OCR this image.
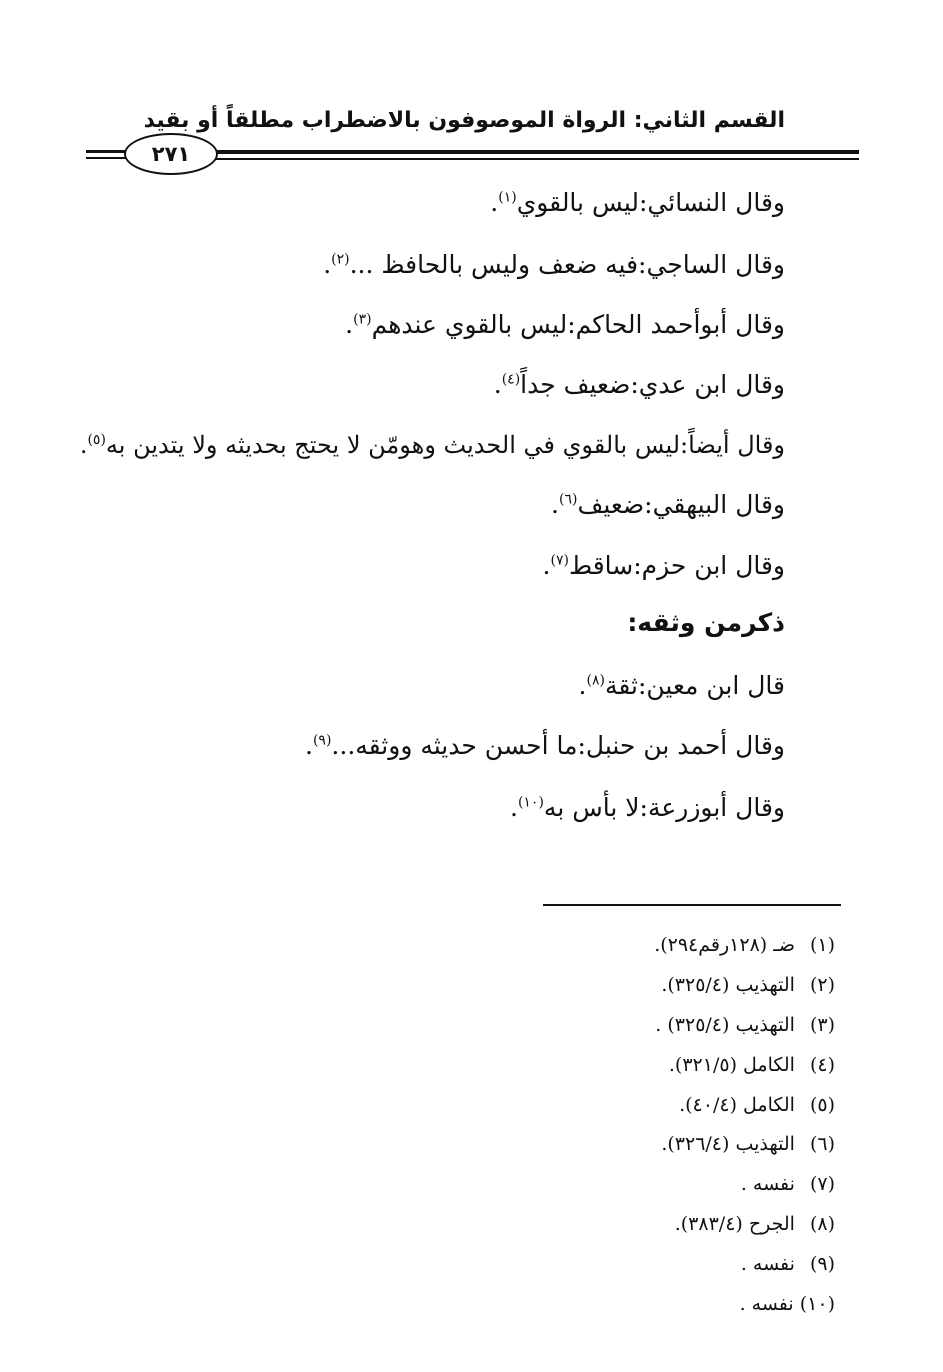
القسم الثاني: الرواة الموصوفون بالاضطراب مطلقاً أو بقيد
٢٧١
وقال النسائي:ليس بالقوي$^{(١)}$.
وقال الساجي:فيه ضعف وليس بالحافظ ...$^{(٢)}$.
وقال أبوأحمد الحاكم:ليس بالقوي عندهم$^{(٣)}$.
وقال ابن عدي:ضعيف جداً$^{(٤)}$.
وقال أيضاً:ليس بالقوي في الحديث وهومّن لا يحتج بحديثه ولا يتدين به$^{(٥)}$.
وقال البيهقي:ضعيف$^{(٦)}$.
وقال ابن حزم:ساقط$^{(٧)}$.
ذكرمن وثقه:
قال ابن معين:ثقة$^{(٨)}$.
وقال أحمد بن حنبل:ما أحسن حديثه ووثقه...$^{(٩)}$.
وقال أبوزرعة:لا بأس به$^{(١٠)}$.
(١) ضـ (١٢٨رقم٢٩٤).
(٢) التهذيب (٣٢٥/٤).
(٣) التهذيب (٣٢٥/٤) .
(٤) الكامل (٣٢١/٥).
(٥) الكامل (٤٠/٤).
(٦) التهذيب (٣٢٦/٤).
(٧) نفسه .
(٨) الجرح (٣٨٣/٤).
(٩) نفسه .
(١٠) نفسه .
